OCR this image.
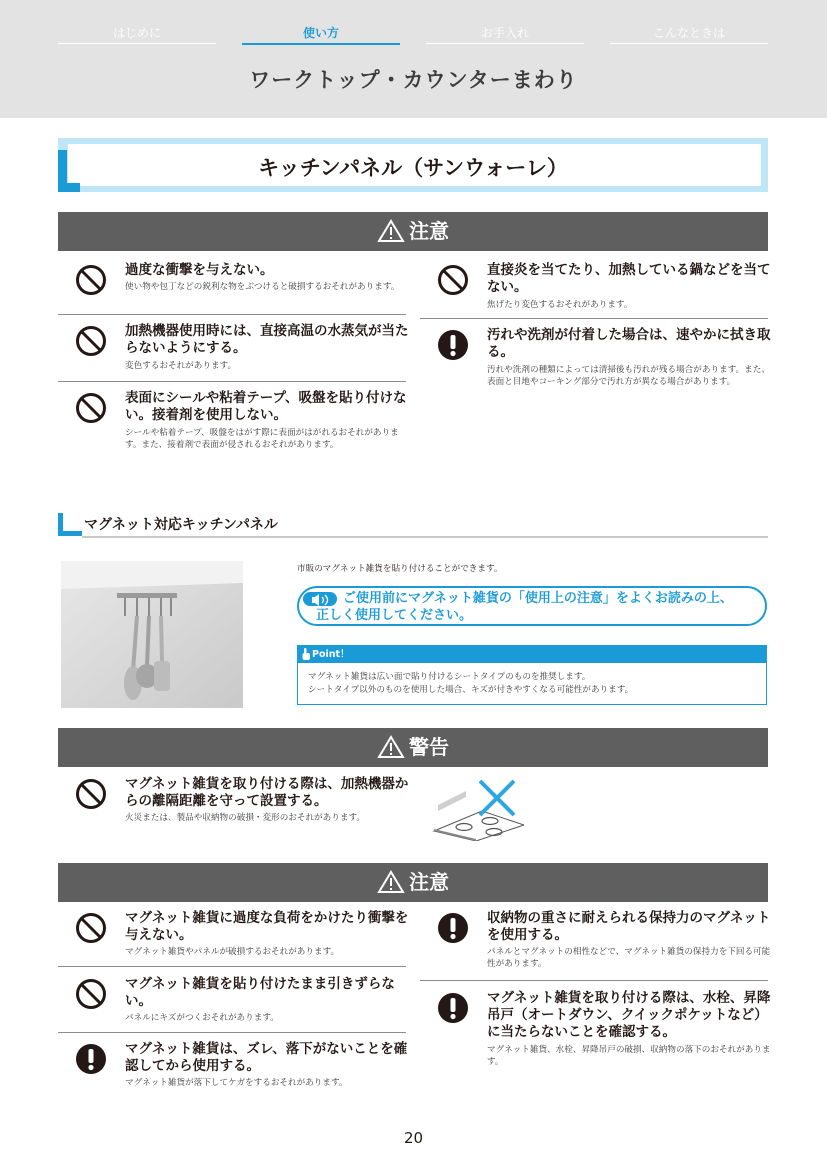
はじめに	使い方	お手入れ	こんなときは
ワークトップ・カウンターまわり
キッチンパネル（サンウォーレ）
注意
過度な衝撃を与えない。
使い物や包丁などの鋭利な物をぶつけると破損するおそれがあります。
加熱機器使用時には、直接高温の水蒸気が当たらないようにする。
変色するおそれがあります。
表面にシールや粘着テープ、吸盤を貼り付けない。接着剤を使用しない。
シールや粘着テープ、吸盤をはがす際に表面がはがれるおそれがあります。また、接着剤で表面が侵されるおそれがあります。
直接炎を当てたり、加熱している鍋などを当てない。
焦げたり変色するおそれがあります。
汚れや洗剤が付着した場合は、速やかに拭き取る。
汚れや洗剤の種類によっては清掃後も汚れが残る場合があります。また、表面と目地やコーキング部分で汚れ方が異なる場合があります。
マグネット対応キッチンパネル
市販のマグネット雑貨を貼り付けることができます。
ご使用前にマグネット雑貨の「使用上の注意」をよくお読みの上、
正しく使用してください。
Point！
マグネット雑貨は広い面で貼り付けるシートタイプのものを推奨します。
シートタイプ以外のものを使用した場合、キズが付きやすくなる可能性があります。
警告
マグネット雑貨を取り付ける際は、加熱機器からの離隔距離を守って設置する。
火災または、製品や収納物の破損・変形のおそれがあります。
注意
マグネット雑貨に過度な負荷をかけたり衝撃を与えない。
マグネット雑貨やパネルが破損するおそれがあります。
マグネット雑貨を貼り付けたまま引きずらない。
パネルにキズがつくおそれがあります。
マグネット雑貨は、ズレ、落下がないことを確認してから使用する。
マグネット雑貨が落下してケガをするおそれがあります。
収納物の重さに耐えられる保持力のマグネットを使用する。
パネルとマグネットの相性などで、マグネット雑貨の保持力を下回る可能性があります。
マグネット雑貨を取り付ける際は、水栓、昇降吊戸（オートダウン、クイックポケットなど）に当たらないことを確認する。
マグネット雑貨、水栓、昇降吊戸の破損、収納物の落下のおそれがあります。
20
